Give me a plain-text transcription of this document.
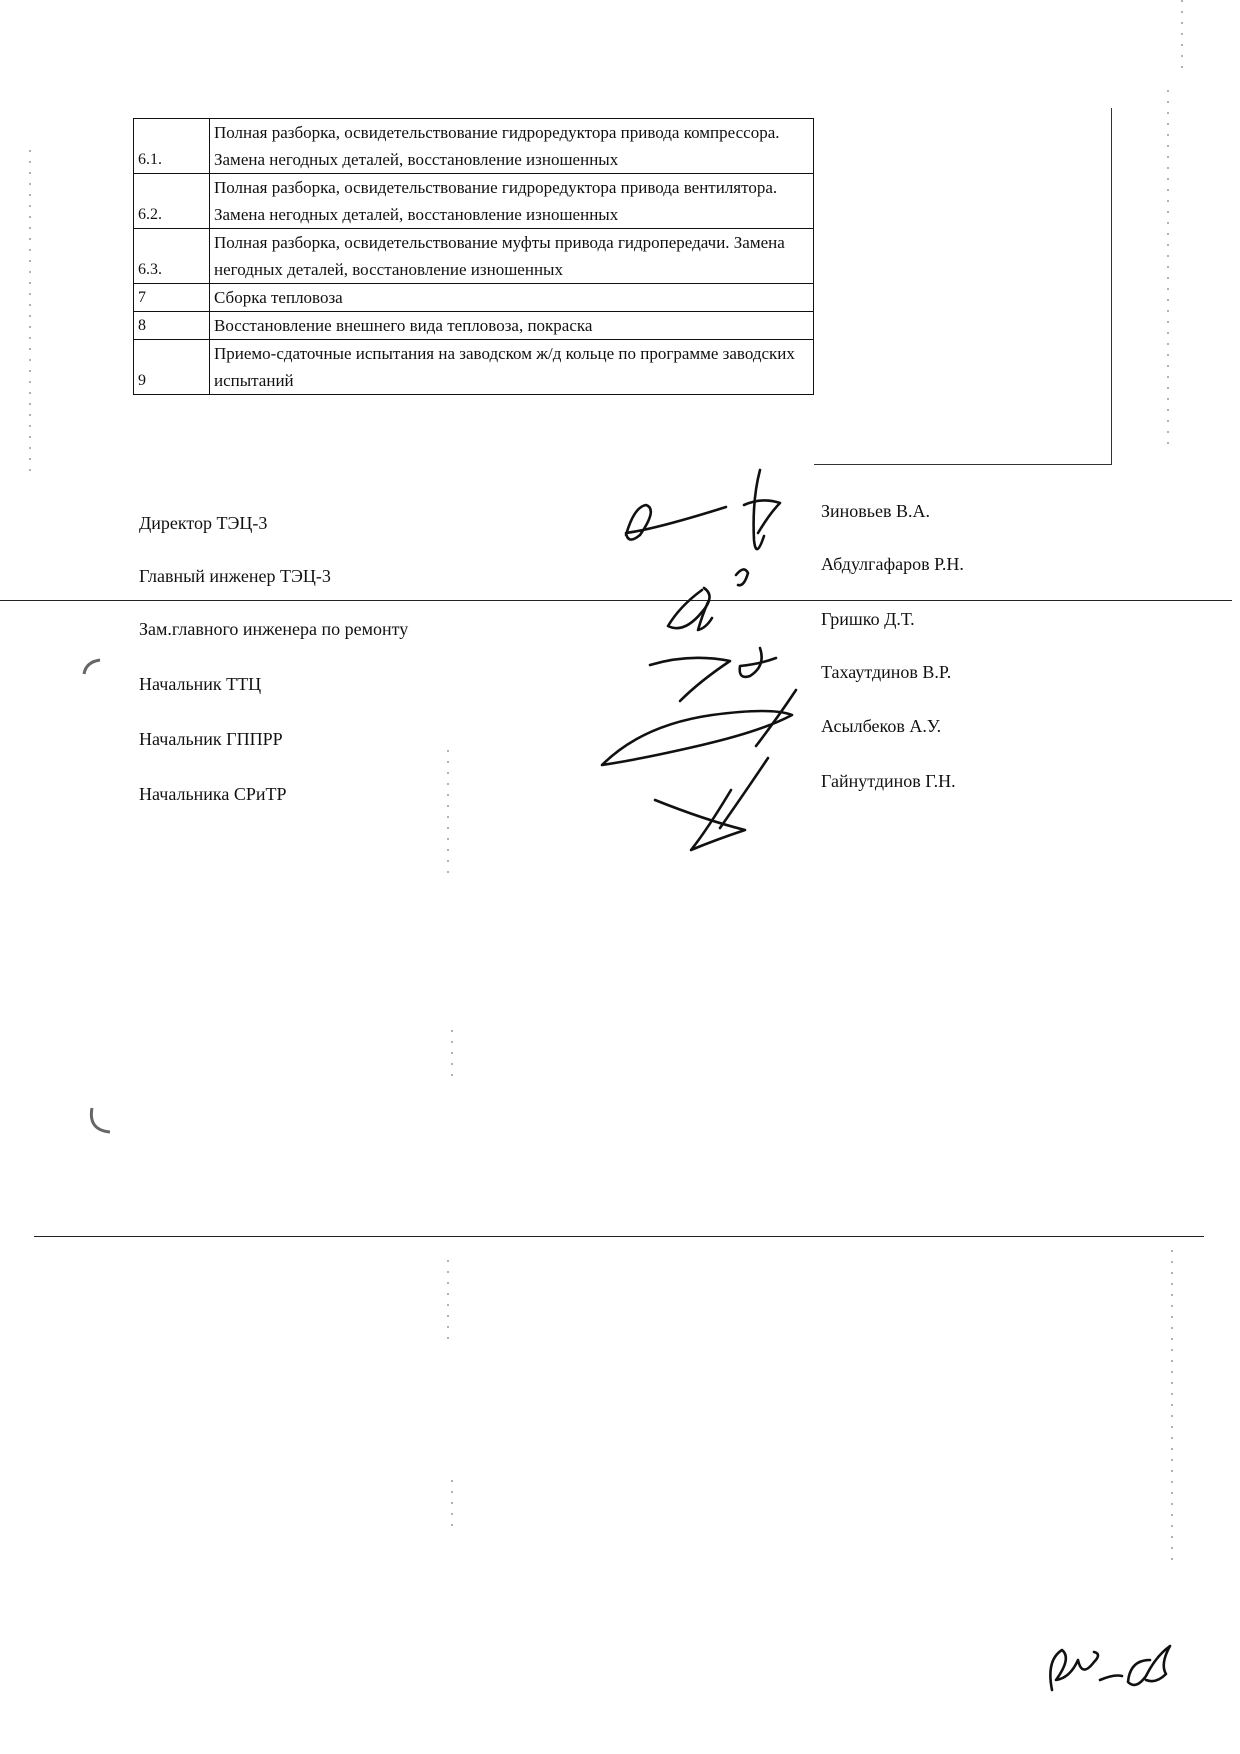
6.1.	Полная разборка, освидетельствование гидроредуктора привода компрессора. Замена негодных деталей, восстановление изношенных
6.2.	Полная разборка, освидетельствование гидроредуктора привода вентилятора. Замена негодных деталей, восстановление изношенных
6.3.	Полная разборка, освидетельствование муфты привода гидропередачи. Замена негодных деталей, восстановление изношенных
7	Сборка тепловоза
8	Восстановление внешнего вида тепловоза, покраска
9	Приемо-сдаточные испытания на заводском ж/д кольце по программе заводских испытаний
Директор ТЭЦ-3
Главный инженер ТЭЦ-3
Зам.главного инженера по ремонту
Начальник ТТЦ
Начальник ГППРР
Начальника СРиТР
Зиновьев В.А.
Абдулгафаров Р.Н.
Гришко Д.Т.
Тахаутдинов В.Р.
Асылбеков А.У.
Гайнутдинов Г.Н.
